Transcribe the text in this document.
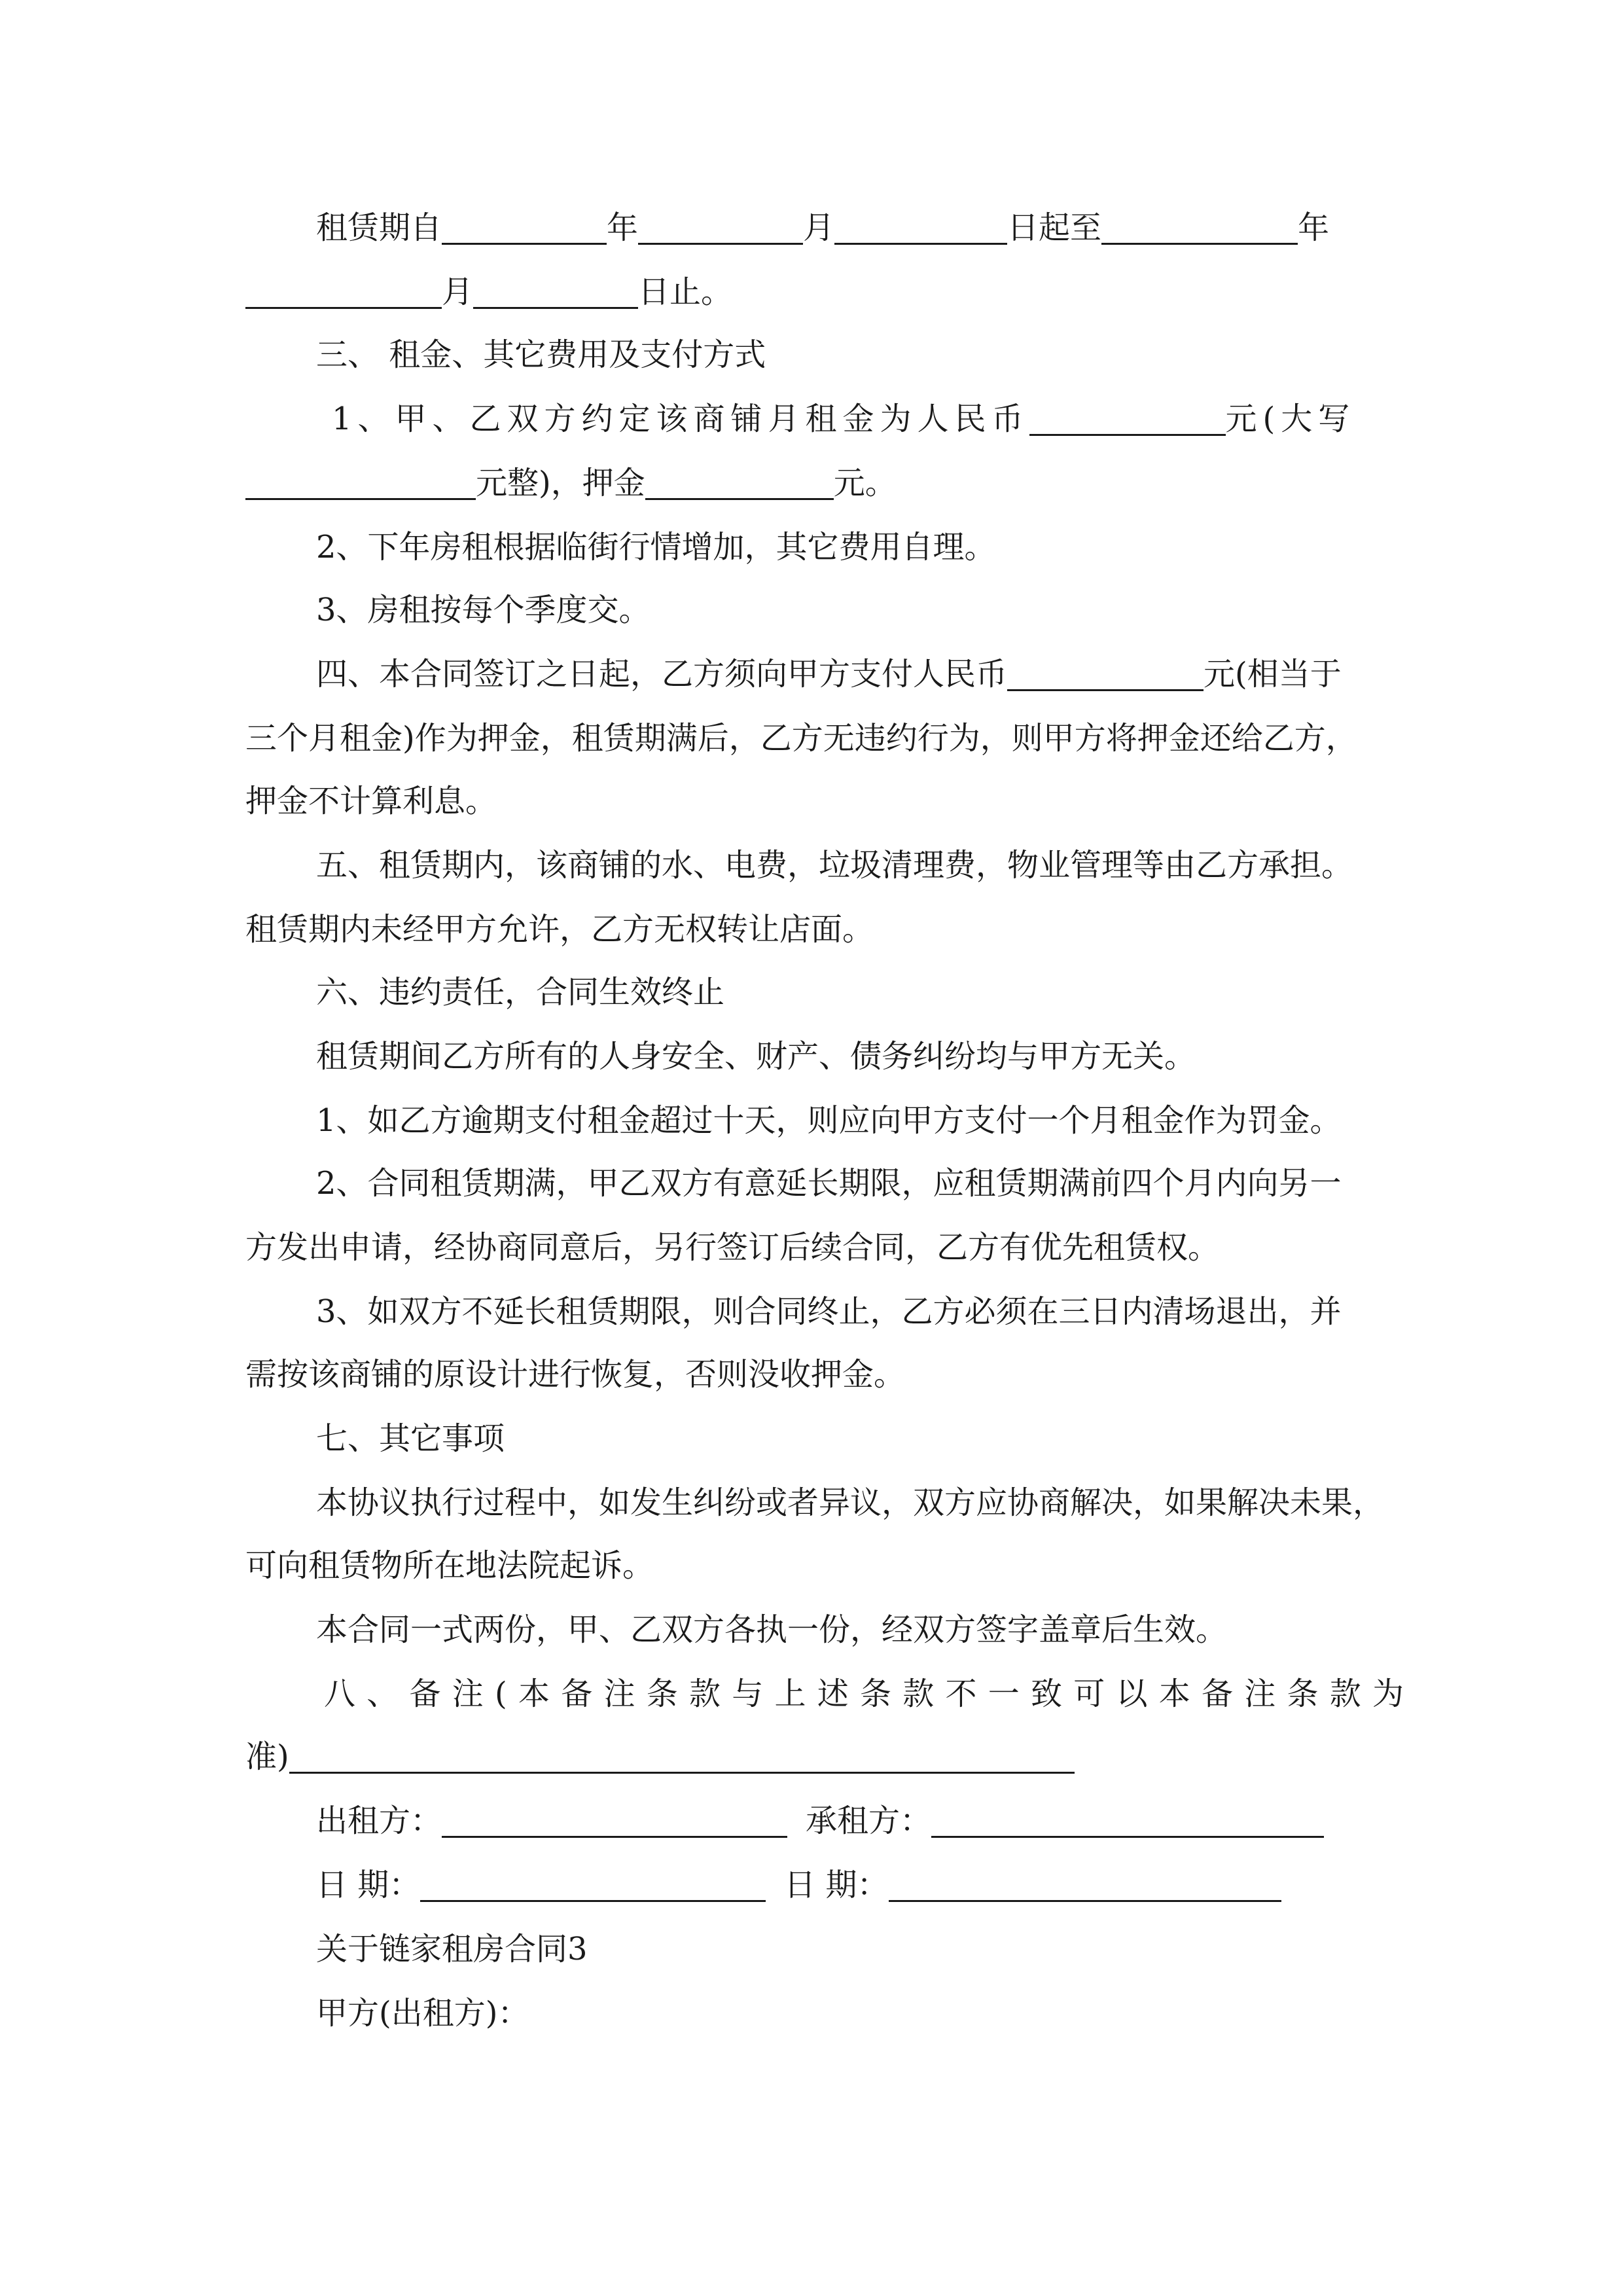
租赁期自	年	月	日起至	年
月	日止。
三、 租金、其它费用及支付方式
1、甲、乙双方约定该商铺月租金为人民币	元(大写
元整)，押金	元。
2、下年房租根据临街行情增加，其它费用自理。
3、房租按每个季度交。
四、本合同签订之日起，乙方须向甲方支付人民币	元(相当于
三个月租金)作为押金，租赁期满后，乙方无违约行为，则甲方将押金还给乙方，
押金不计算利息。
五、租赁期内，该商铺的水、电费，垃圾清理费，物业管理等由乙方承担。
租赁期内未经甲方允许，乙方无权转让店面。
六、违约责任，合同生效终止
租赁期间乙方所有的人身安全、财产、债务纠纷均与甲方无关。
1、如乙方逾期支付租金超过十天，则应向甲方支付一个月租金作为罚金。
2、合同租赁期满，甲乙双方有意延长期限，应租赁期满前四个月内向另一
方发出申请，经协商同意后，另行签订后续合同，乙方有优先租赁权。
3、如双方不延长租赁期限，则合同终止，乙方必须在三日内清场退出，并
需按该商铺的原设计进行恢复，否则没收押金。
七、其它事项
本协议执行过程中，如发生纠纷或者异议，双方应协商解决，如果解决未果，
可向租赁物所在地法院起诉。
本合同一式两份，甲、乙双方各执一份，经双方签字盖章后生效。
八、备注(本备注条款与上述条款不一致可以本备注条款为
准)
出租方：	承租方：
日 期：	日 期：
关于链家租房合同3
甲方(出租方)：
